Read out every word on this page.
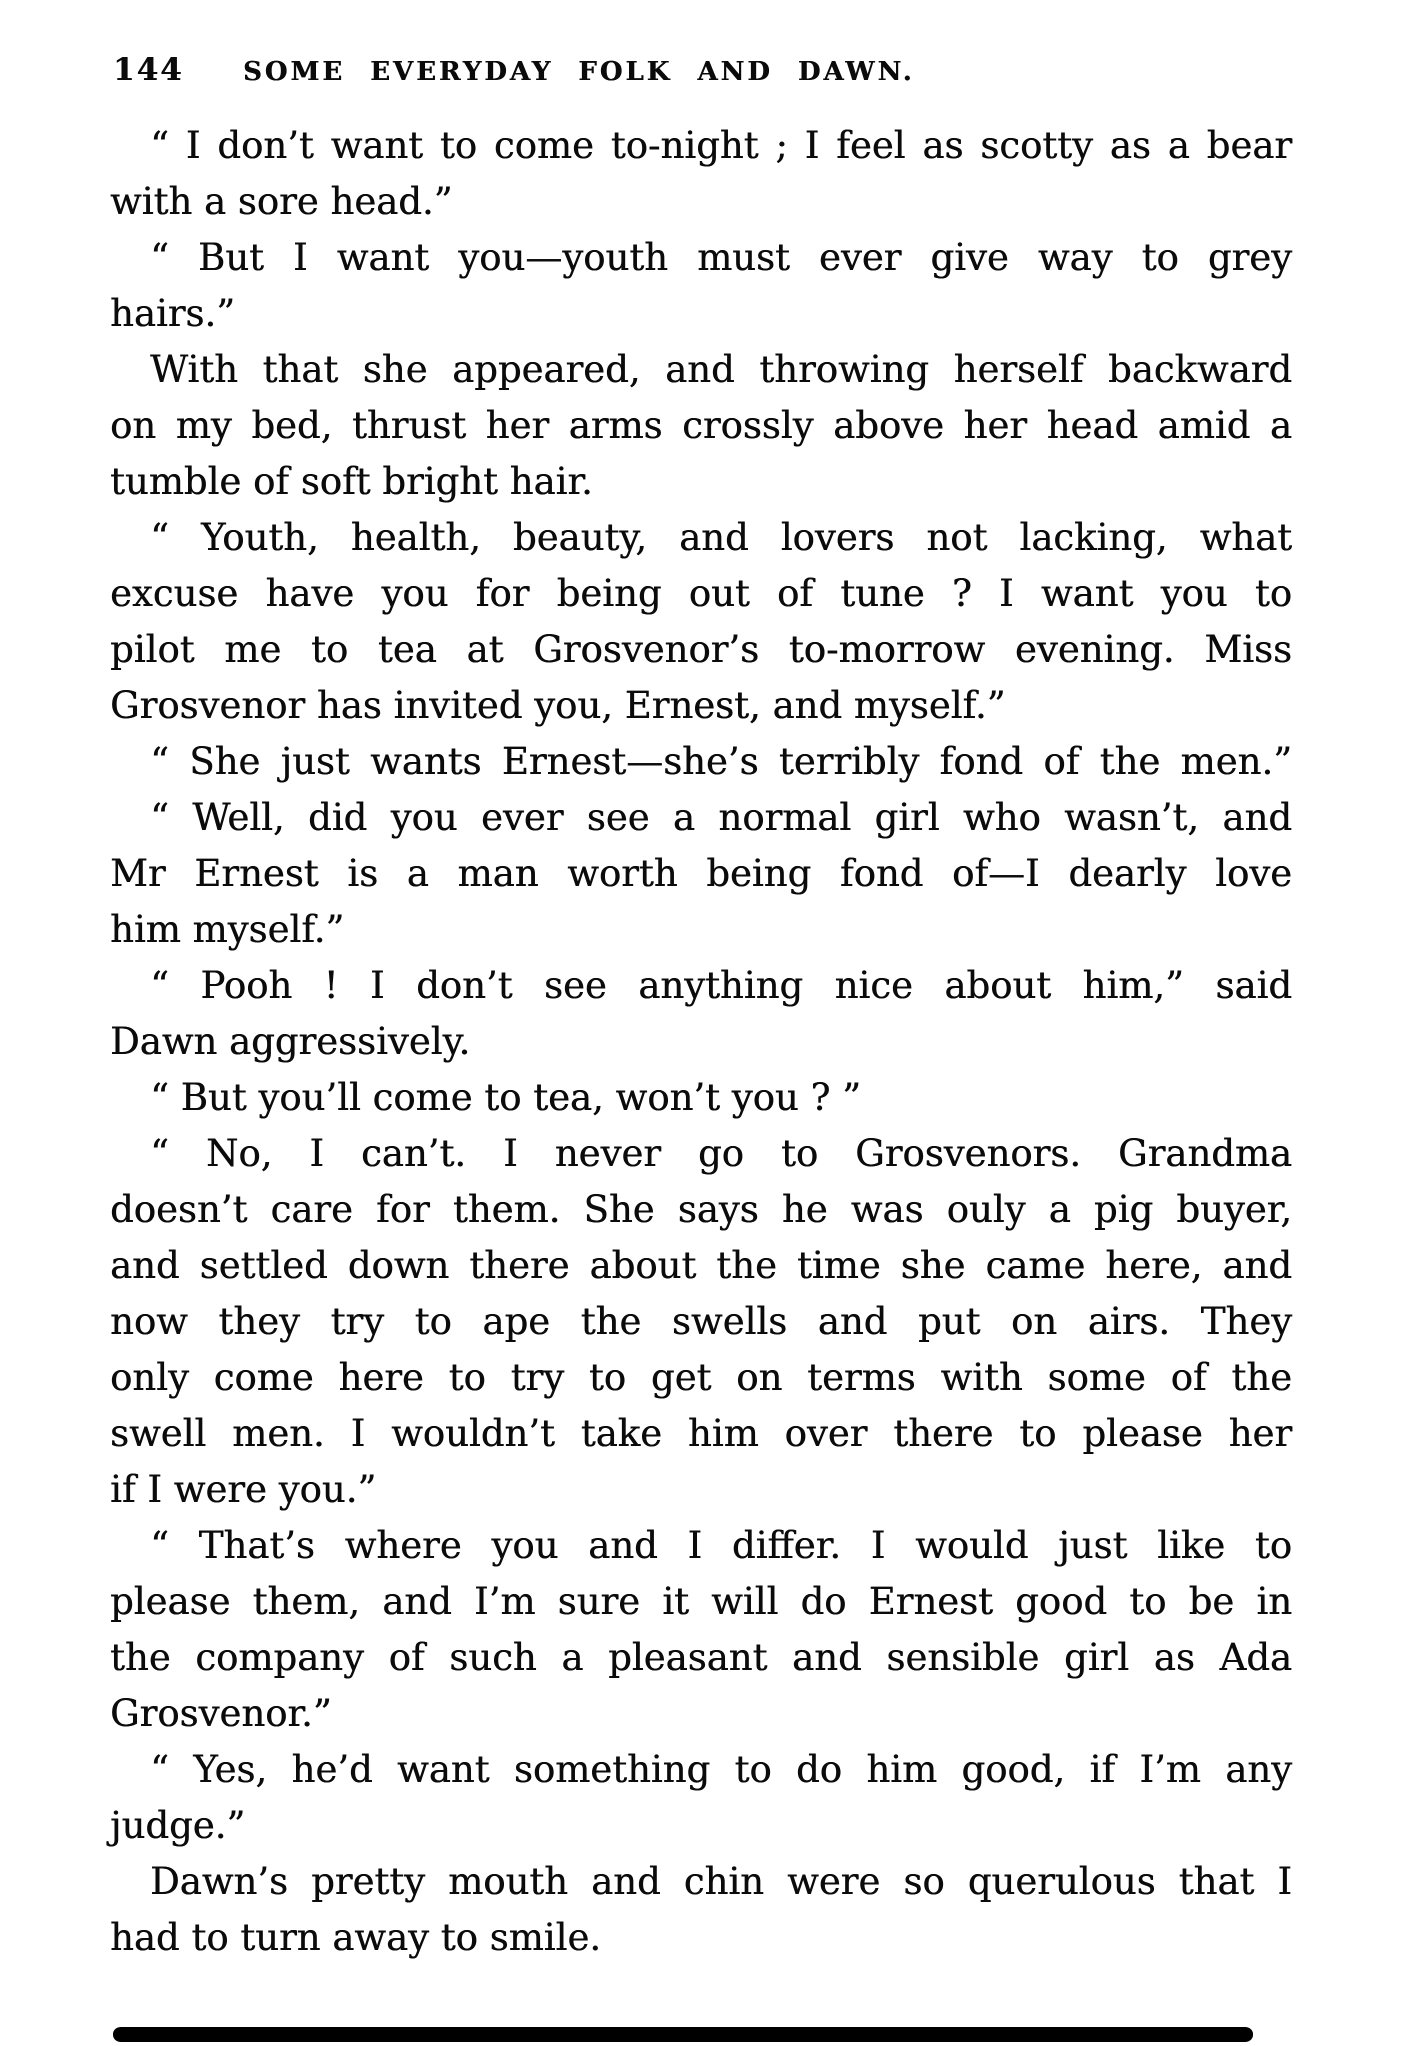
144 SOME EVERYDAY FOLK AND DAWN.

“ I don’t want to come to-night ; I feel as scotty as a bear
with a sore head.”

“ But I want you—youth must ever give way to grey
hairs.”

With that she appeared, and throwing herself backward
on my bed, thrust her arms crossly above her head amid a
tumble of soft bright hair.

“ Youth, health, beauty, and lovers not lacking, what
excuse have you for being out of tune ? I want you to
pilot me to tea at Grosvenor’s to-morrow evening. Miss
Grosvenor has invited you, Ernest, and myself.”

“ She just wants Ernest—she’s terribly fond of the men.”

“ Well, did you ever see a normal girl who wasn’t, and
Mr Ernest is a man worth being fond of—I dearly love
him myself.”

“ Pooh ! I don’t see anything nice about him,” said
Dawn aggressively.

“ But you’ll come to tea, won’t you ? ”

“ No, I can’t. I never go to Grosvenors. Grandma
doesn’t care for them. She says he was ouly a pig buyer,
and settled down there about the time she came here, and
now they try to ape the swells and put on airs. They
only come here to try to get on terms with some of the
swell men. I wouldn’t take him over there to please her
if I were you.”

“ That’s where you and I differ. I would just like to
please them, and I’m sure it will do Ernest good to be in
the company of such a pleasant and sensible girl as Ada
Grosvenor.”

“ Yes, he’d want something to do him good, if I’m any
judge.”

Dawn’s pretty mouth and chin were so querulous that I
had to turn away to smile.
